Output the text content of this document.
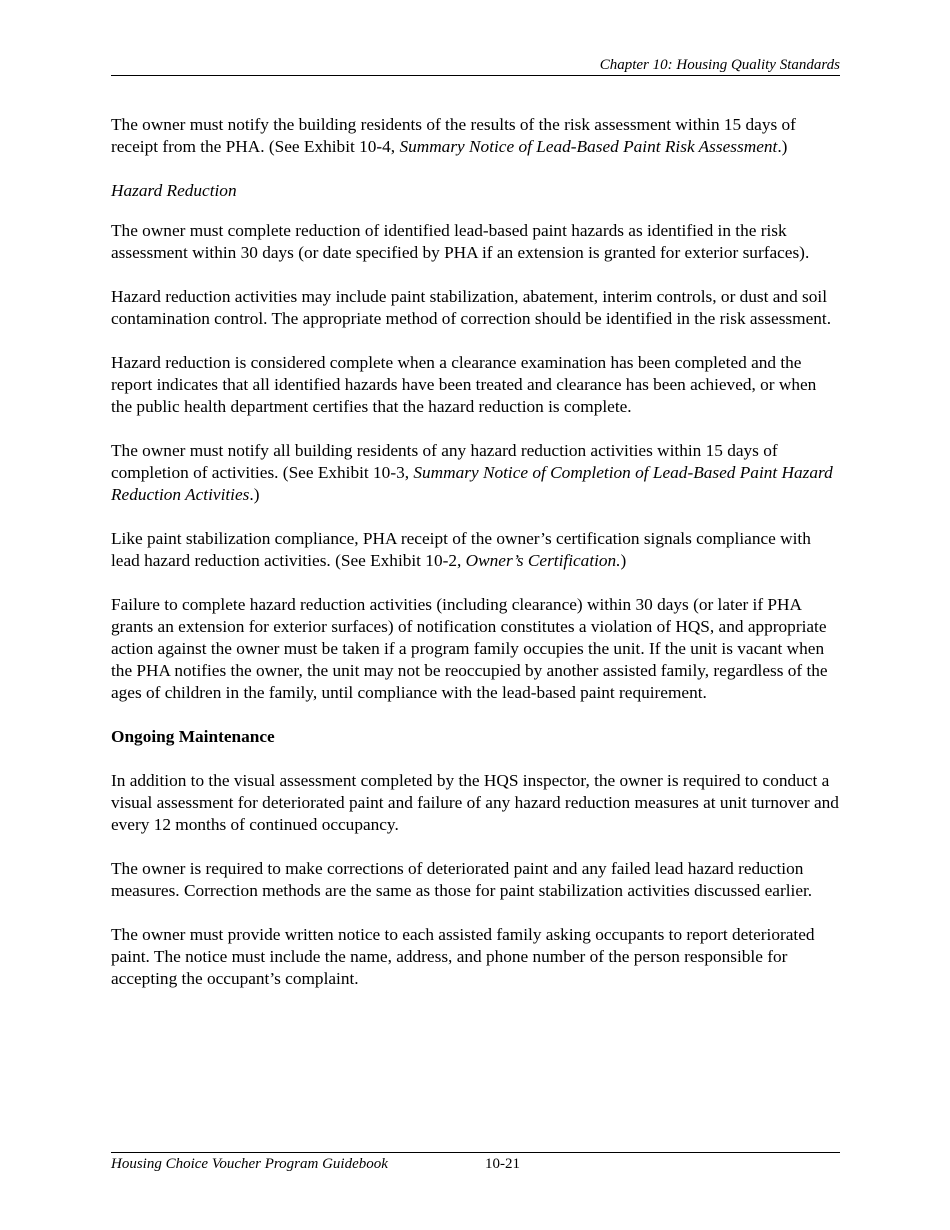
Chapter 10: Housing Quality Standards

The owner must notify the building residents of the results of the risk assessment within 15 days of receipt from the PHA. (See Exhibit 10-4, Summary Notice of Lead-Based Paint Risk Assessment.)

Hazard Reduction

The owner must complete reduction of identified lead-based paint hazards as identified in the risk assessment within 30 days (or date specified by PHA if an extension is granted for exterior surfaces).

Hazard reduction activities may include paint stabilization, abatement, interim controls, or dust and soil contamination control. The appropriate method of correction should be identified in the risk assessment.

Hazard reduction is considered complete when a clearance examination has been completed and the report indicates that all identified hazards have been treated and clearance has been achieved, or when the public health department certifies that the hazard reduction is complete.

The owner must notify all building residents of any hazard reduction activities within 15 days of completion of activities. (See Exhibit 10-3, Summary Notice of Completion of Lead-Based Paint Hazard Reduction Activities.)

Like paint stabilization compliance, PHA receipt of the owner’s certification signals compliance with lead hazard reduction activities. (See Exhibit 10-2, Owner’s Certification.)

Failure to complete hazard reduction activities (including clearance) within 30 days (or later if PHA grants an extension for exterior surfaces) of notification constitutes a violation of HQS, and appropriate action against the owner must be taken if a program family occupies the unit. If the unit is vacant when the PHA notifies the owner, the unit may not be reoccupied by another assisted family, regardless of the ages of children in the family, until compliance with the lead-based paint requirement.

Ongoing Maintenance

In addition to the visual assessment completed by the HQS inspector, the owner is required to conduct a visual assessment for deteriorated paint and failure of any hazard reduction measures at unit turnover and every 12 months of continued occupancy.

The owner is required to make corrections of deteriorated paint and any failed lead hazard reduction measures. Correction methods are the same as those for paint stabilization activities discussed earlier.

The owner must provide written notice to each assisted family asking occupants to report deteriorated paint. The notice must include the name, address, and phone number of the person responsible for accepting the occupant’s complaint.

Housing Choice Voucher Program Guidebook	10-21
